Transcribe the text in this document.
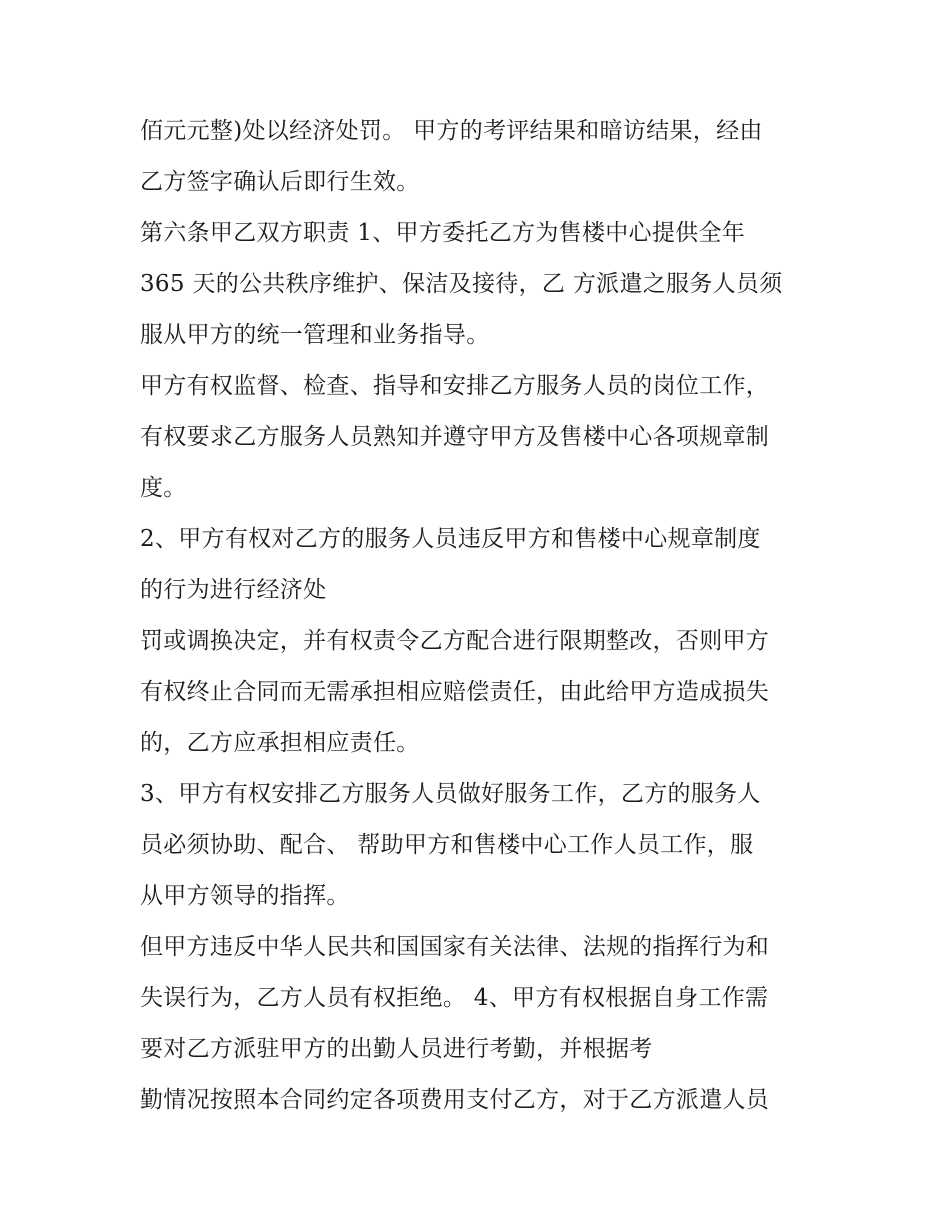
佰元元整)处以经济处罚。 甲方的考评结果和暗访结果，经由
乙方签字确认后即行生效。
第六条甲乙双方职责 1、甲方委托乙方为售楼中心提供全年
365 天的公共秩序维护、保洁及接待，乙 方派遣之服务人员须
服从甲方的统一管理和业务指导。
甲方有权监督、检查、指导和安排乙方服务人员的岗位工作，
有权要求乙方服务人员熟知并遵守甲方及售楼中心各项规章制
度。
2、甲方有权对乙方的服务人员违反甲方和售楼中心规章制度
的行为进行经济处
罚或调换决定，并有权责令乙方配合进行限期整改，否则甲方
有权终止合同而无需承担相应赔偿责任，由此给甲方造成损失
的，乙方应承担相应责任。
3、甲方有权安排乙方服务人员做好服务工作，乙方的服务人
员必须协助、配合、 帮助甲方和售楼中心工作人员工作，服
从甲方领导的指挥。
但甲方违反中华人民共和国国家有关法律、法规的指挥行为和
失误行为，乙方人员有权拒绝。 4、甲方有权根据自身工作需
要对乙方派驻甲方的出勤人员进行考勤，并根据考
勤情况按照本合同约定各项费用支付乙方，对于乙方派遣人员
